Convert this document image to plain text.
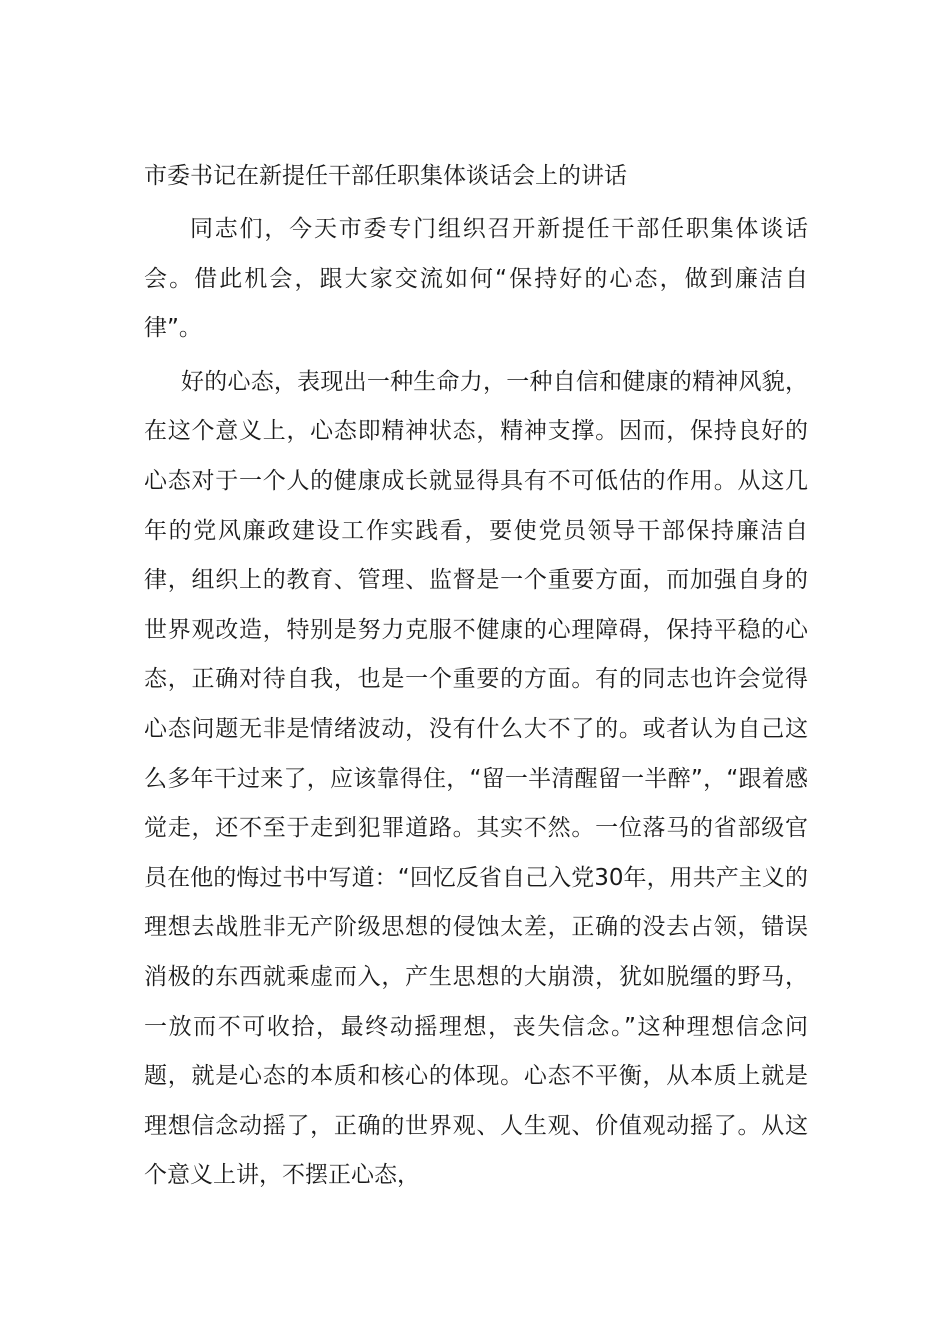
市委书记在新提任干部任职集体谈话会上的讲话

同志们，今天市委专门组织召开新提任干部任职集体谈话会。借此机会，跟大家交流如何“保持好的心态，做到廉洁自律”。

好的心态，表现出一种生命力，一种自信和健康的精神风貌，在这个意义上，心态即精神状态，精神支撑。因而，保持良好的心态对于一个人的健康成长就显得具有不可低估的作用。从这几年的党风廉政建设工作实践看，要使党员领导干部保持廉洁自律，组织上的教育、管理、监督是一个重要方面，而加强自身的世界观改造，特别是努力克服不健康的心理障碍，保持平稳的心态，正确对待自我，也是一个重要的方面。有的同志也许会觉得心态问题无非是情绪波动，没有什么大不了的。或者认为自己这么多年干过来了，应该靠得住，“留一半清醒留一半醉”，“跟着感觉走，还不至于走到犯罪道路。其实不然。一位落马的省部级官员在他的悔过书中写道：“回忆反省自己入党30年，用共产主义的理想去战胜非无产阶级思想的侵蚀太差，正确的没去占领，错误消极的东西就乘虚而入，产生思想的大崩溃，犹如脱缰的野马，一放而不可收拾，最终动摇理想，丧失信念。”这种理想信念问题，就是心态的本质和核心的体现。心态不平衡，从本质上就是理想信念动摇了，正确的世界观、人生观、价值观动摇了。从这个意义上讲，不摆正心态，
